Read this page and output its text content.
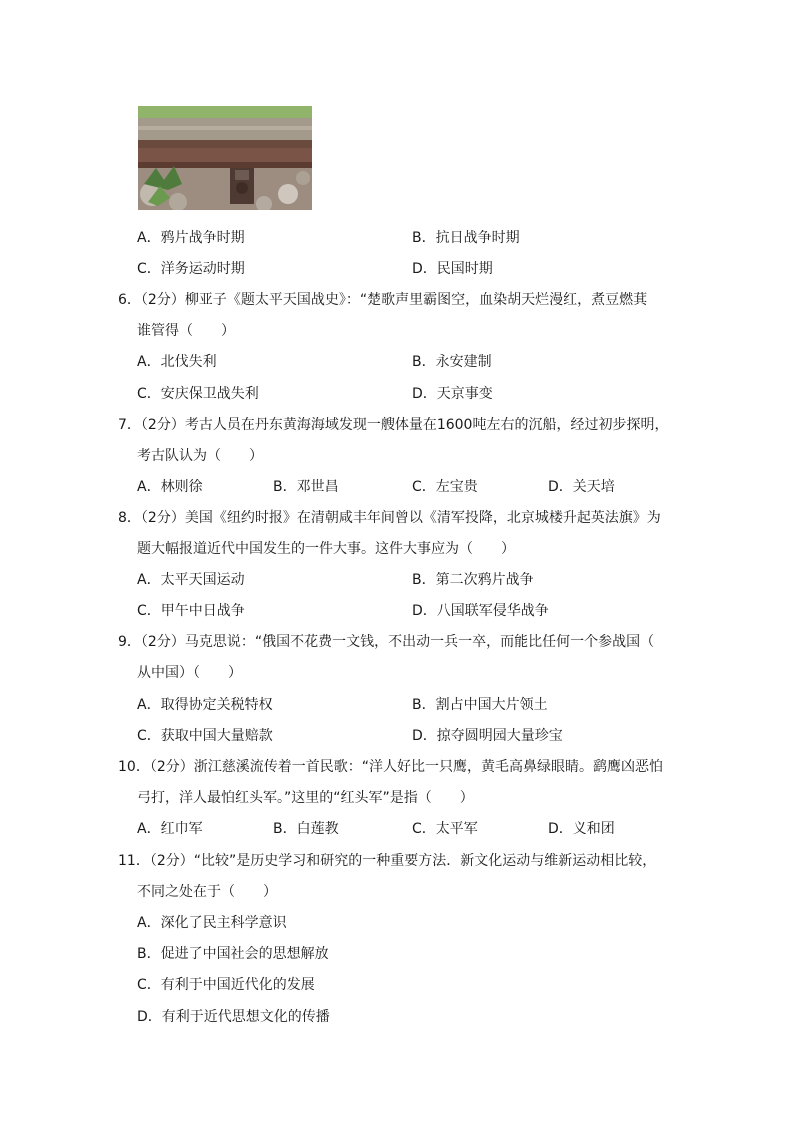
A．鸦片战争时期	B．抗日战争时期
C．洋务运动时期	D．民国时期
6．（2分）柳亚子《题太平天国战史》：“楚歌声里霸图空，血染胡天烂漫红，煮豆燃萁
谁管得（　　）
A．北伐失利	B．永安建制
C．安庆保卫战失利	D．天京事变
7．（2分）考古人员在丹东黄海海域发现一艘体量在1600吨左右的沉船，经过初步探明，
考古队认为（　　）
A．林则徐	B．邓世昌	C．左宝贵	D．关天培
8．（2分）美国《纽约时报》在清朝咸丰年间曾以《清军投降，北京城楼升起英法旗》为
题大幅报道近代中国发生的一件大事。这件大事应为（　　）
A．太平天国运动	B．第二次鸦片战争
C．甲午中日战争	D．八国联军侵华战争
9．（2分）马克思说：“俄国不花费一文钱，不出动一兵一卒，而能比任何一个参战国（
从中国）（　　）
A．取得协定关税特权	B．割占中国大片领土
C．获取中国大量赔款	D．掠夺圆明园大量珍宝
10．（2分）浙江慈溪流传着一首民歌：“洋人好比一只鹰，黄毛高鼻绿眼睛。鹞鹰凶恶怕
弓打，洋人最怕红头军。”这里的“红头军”是指（　　）
A．红巾军	B．白莲教	C．太平军	D．义和团
11．（2分）“比较”是历史学习和研究的一种重要方法．新文化运动与维新运动相比较，
不同之处在于（　　）
A．深化了民主科学意识
B．促进了中国社会的思想解放
C．有利于中国近代化的发展
D．有利于近代思想文化的传播
